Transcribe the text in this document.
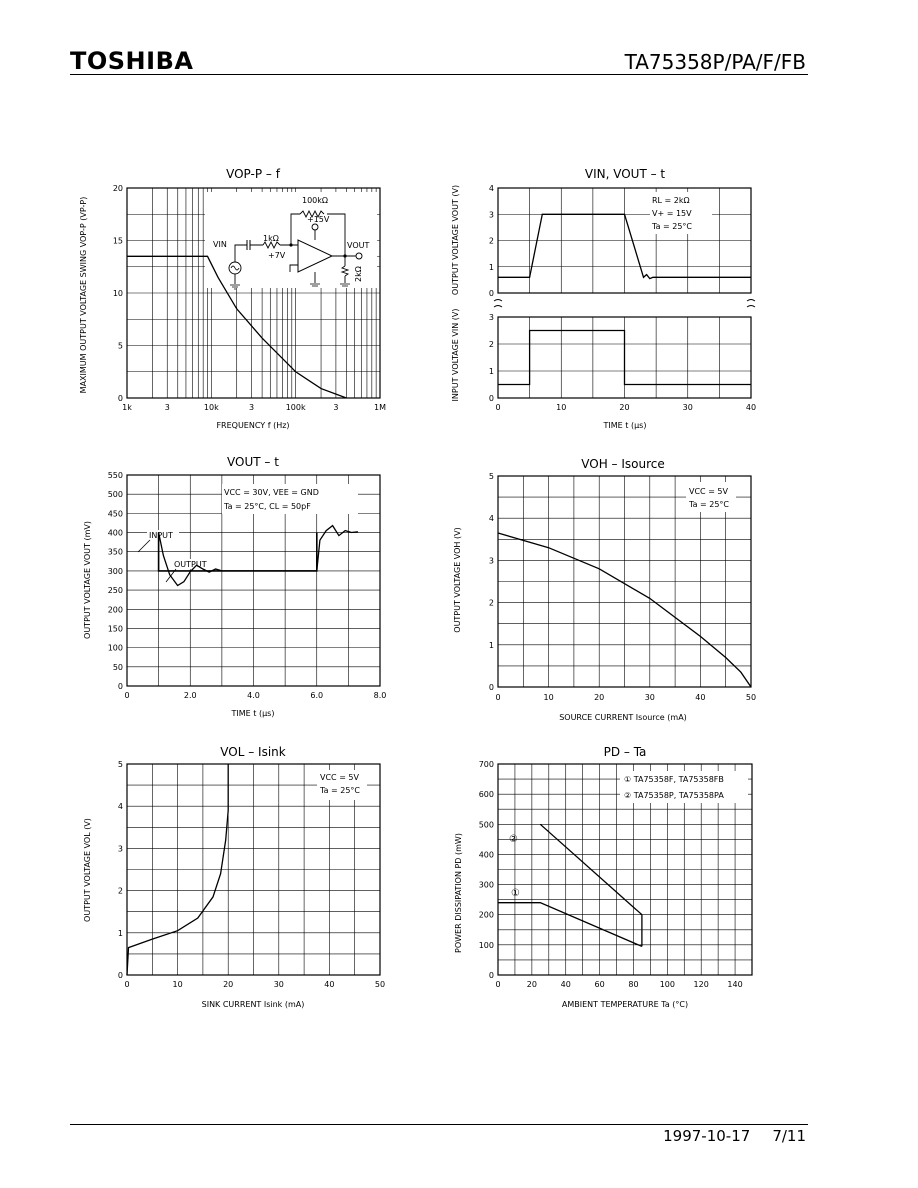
TOSHIBA	TA75358P/PA/F/FB
VOP-P – f
0
5
10
15
20
1k	3	10k	3	100k	3	1M
FREQUENCY f (Hz)
MAXIMUM OUTPUT VOLTAGE SWING VOP-P (VP-P)	100kΩ
+15V
VIN
1kΩ
+7V
VOUT
2kΩ
VIN, VOUT – t
0
1
2
3
4
0
1
2
3
0	10	20	30	40
TIME t (μs)
OUTPUT VOLTAGE VOUT (V)
INPUT VOLTAGE VIN (V)
RL = 2kΩ
V+ = 15V
Ta = 25°C
VOUT – t
0
50
100
150
200
250
300
350
400
450
500
550
0	2.0	4.0	6.0	8.0
TIME t (μs)
OUTPUT VOLTAGE VOUT (mV)
VCC = 30V, VEE = GND
Ta = 25°C, CL = 50pF
INPUT
OUTPUT
VOH – Isource
0
1
2
3
4
5
0	10	20	30	40	50
SOURCE CURRENT Isource (mA)
OUTPUT VOLTAGE VOH (V)
VCC = 5V
Ta = 25°C
VOL – Isink
0
1
2
3
4
5
0	10	20	30	40	50
SINK CURRENT Isink (mA)
OUTPUT VOLTAGE VOL (V)
VCC = 5V
Ta = 25°C
PD – Ta
0
100
200
300
400
500
600
700
0	20	40	60	80	100 120 140
AMBIENT TEMPERATURE Ta (°C)
POWER DISSIPATION PD (mW)
① TA75358F, TA75358FB
② TA75358P, TA75358PA
②
①
1997-10-17 7/11
